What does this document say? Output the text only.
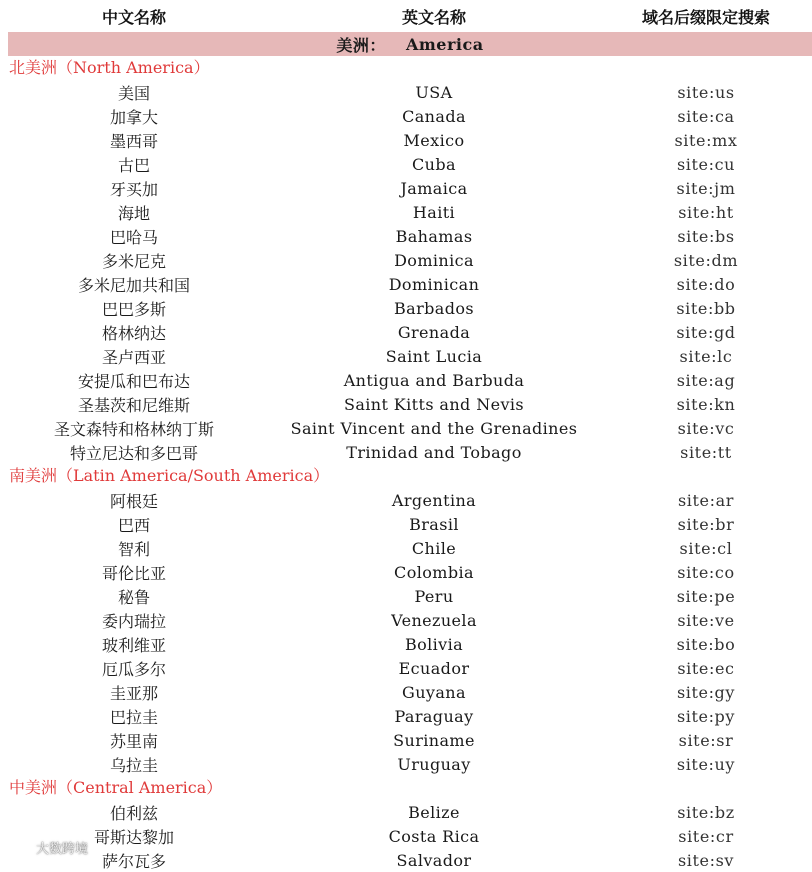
中文名称	英文名称	域名后缀限定搜索
美洲： America
北美洲（North America）
美国	USA	site:us
加拿大	Canada	site:ca
墨西哥	Mexico	site:mx
古巴	Cuba	site:cu
牙买加	Jamaica	site:jm
海地	Haiti	site:ht
巴哈马	Bahamas	site:bs
多米尼克	Dominica	site:dm
多米尼加共和国	Dominican	site:do
巴巴多斯	Barbados	site:bb
格林纳达	Grenada	site:gd
圣卢西亚	Saint Lucia	site:lc
安提瓜和巴布达	Antigua and Barbuda	site:ag
圣基茨和尼维斯	Saint Kitts and Nevis	site:kn
圣文森特和格林纳丁斯	Saint Vincent and the Grenadines	site:vc
特立尼达和多巴哥	Trinidad and Tobago	site:tt
南美洲（Latin America/South America）
阿根廷	Argentina	site:ar
巴西	Brasil	site:br
智利	Chile	site:cl
哥伦比亚	Colombia	site:co
秘鲁	Peru	site:pe
委内瑞拉	Venezuela	site:ve
玻利维亚	Bolivia	site:bo
厄瓜多尔	Ecuador	site:ec
圭亚那	Guyana	site:gy
巴拉圭	Paraguay	site:py
苏里南	Suriname	site:sr
乌拉圭	Uruguay	site:uy
中美洲（Central America）
伯利兹	Belize	site:bz
哥斯达黎加	Costa Rica	site:cr
萨尔瓦多	Salvador	site:sv
大数跨境
